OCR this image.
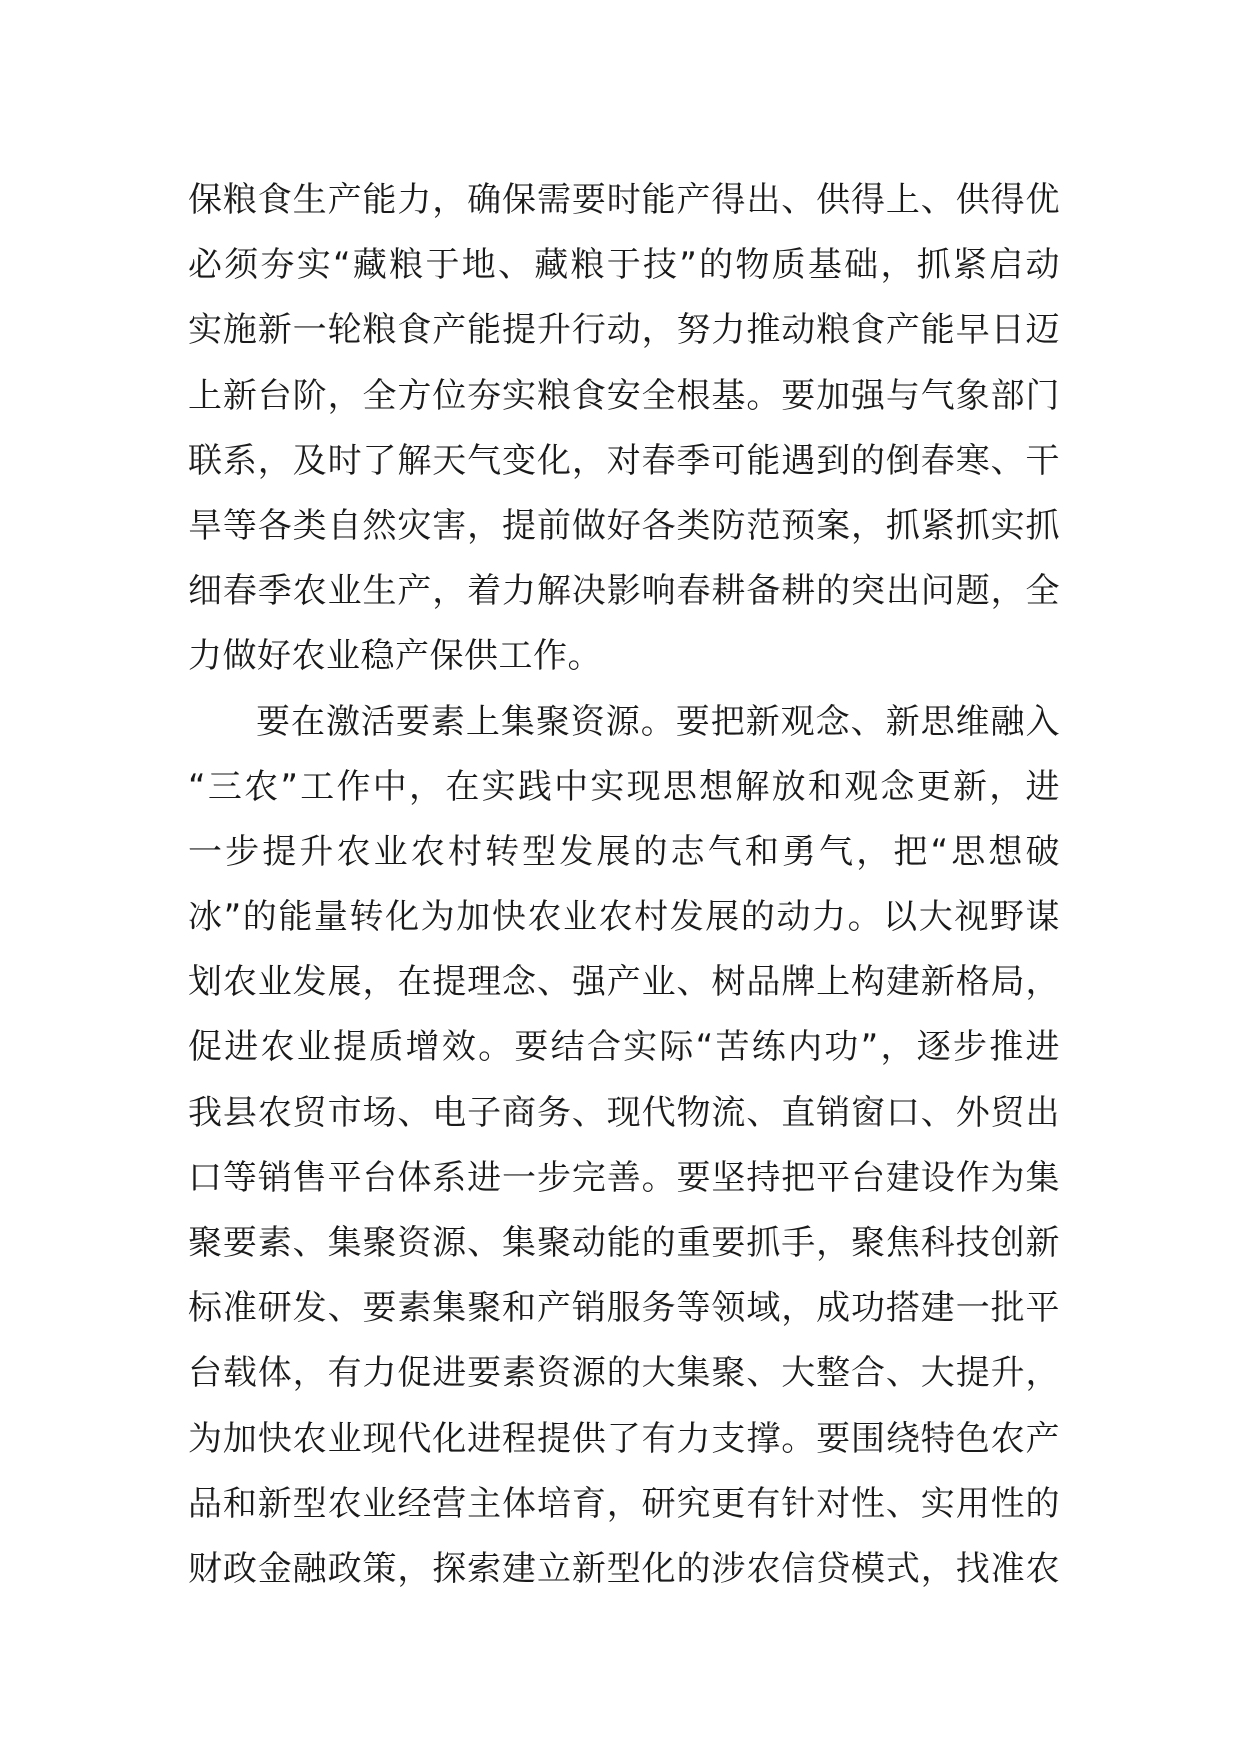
保粮食生产能力，确保需要时能产得出、供得上、供得优
必须夯实“藏粮于地、藏粮于技”的物质基础，抓紧启动
实施新一轮粮食产能提升行动，努力推动粮食产能早日迈
上新台阶，全方位夯实粮食安全根基。要加强与气象部门
联系，及时了解天气变化，对春季可能遇到的倒春寒、干
旱等各类自然灾害，提前做好各类防范预案，抓紧抓实抓
细春季农业生产，着力解决影响春耕备耕的突出问题，全
力做好农业稳产保供工作。
要在激活要素上集聚资源。要把新观念、新思维融入
“三农”工作中，在实践中实现思想解放和观念更新，进
一步提升农业农村转型发展的志气和勇气，把“思想破
冰”的能量转化为加快农业农村发展的动力。以大视野谋
划农业发展，在提理念、强产业、树品牌上构建新格局，
促进农业提质增效。要结合实际“苦练内功”，逐步推进
我县农贸市场、电子商务、现代物流、直销窗口、外贸出
口等销售平台体系进一步完善。要坚持把平台建设作为集
聚要素、集聚资源、集聚动能的重要抓手，聚焦科技创新
标准研发、要素集聚和产销服务等领域，成功搭建一批平
台载体，有力促进要素资源的大集聚、大整合、大提升，
为加快农业现代化进程提供了有力支撑。要围绕特色农产
品和新型农业经营主体培育，研究更有针对性、实用性的
财政金融政策，探索建立新型化的涉农信贷模式，找准农
